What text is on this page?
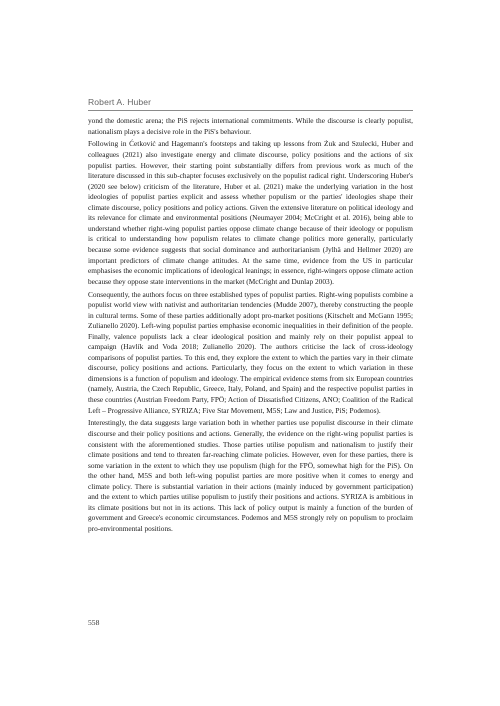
Robert A. Huber

yond the domestic arena; the PiS rejects international commitments. While the discourse is clearly populist, nationalism plays a decisive role in the PiS's behaviour.

Following in Ćetković and Hagemann's footsteps and taking up lessons from Żuk and Szulecki, Huber and colleagues (2021) also investigate energy and climate discourse, policy positions and the actions of six populist parties. However, their starting point substantially differs from previous work as much of the literature discussed in this sub-chapter focuses exclusively on the populist radical right. Underscoring Huber's (2020 see below) criticism of the literature, Huber et al. (2021) make the underlying variation in the host ideologies of populist parties explicit and assess whether populism or the parties' ideologies shape their climate discourse, policy positions and policy actions. Given the extensive literature on political ideology and its relevance for climate and environmental positions (Neumayer 2004; McCright et al. 2016), being able to understand whether right-wing populist parties oppose climate change because of their ideology or populism is critical to understanding how populism relates to climate change politics more generally, particularly because some evidence suggests that social dominance and authoritarianism (Jylhä and Hellmer 2020) are important predictors of climate change attitudes. At the same time, evidence from the US in particular emphasises the economic implications of ideological leanings; in essence, right-wingers oppose climate action because they oppose state interventions in the market (McCright and Dunlap 2003).

Consequently, the authors focus on three established types of populist parties. Right-wing populists combine a populist world view with nativist and authoritarian tendencies (Mudde 2007), thereby constructing the people in cultural terms. Some of these parties additionally adopt pro-market positions (Kitschelt and McGann 1995; Zulianello 2020). Left-wing populist parties emphasise economic inequalities in their definition of the people. Finally, valence populists lack a clear ideological position and mainly rely on their populist appeal to campaign (Havlík and Voda 2018; Zulianello 2020). The authors criticise the lack of cross-ideology comparisons of populist parties. To this end, they explore the extent to which the parties vary in their climate discourse, policy positions and actions. Particularly, they focus on the extent to which variation in these dimensions is a function of populism and ideology. The empirical evidence stems from six European countries (namely, Austria, the Czech Republic, Greece, Italy, Poland, and Spain) and the respective populist parties in these countries (Austrian Freedom Party, FPÖ; Action of Dissatisfied Citizens, ANO; Coalition of the Radical Left – Progressive Alliance, SYRIZA; Five Star Movement, M5S; Law and Justice, PiS; Podemos).

Interestingly, the data suggests large variation both in whether parties use populist discourse in their climate discourse and their policy positions and actions. Generally, the evidence on the right-wing populist parties is consistent with the aforementioned studies. Those parties utilise populism and nationalism to justify their climate positions and tend to threaten far-reaching climate policies. However, even for these parties, there is some variation in the extent to which they use populism (high for the FPÖ, somewhat high for the PiS). On the other hand, M5S and both left-wing populist parties are more positive when it comes to energy and climate policy. There is substantial variation in their actions (mainly induced by government participation) and the extent to which parties utilise populism to justify their positions and actions. SYRIZA is ambitious in its climate positions but not in its actions. This lack of policy output is mainly a function of the burden of government and Greece's economic circumstances. Podemos and M5S strongly rely on populism to proclaim pro-environmental positions.

558
